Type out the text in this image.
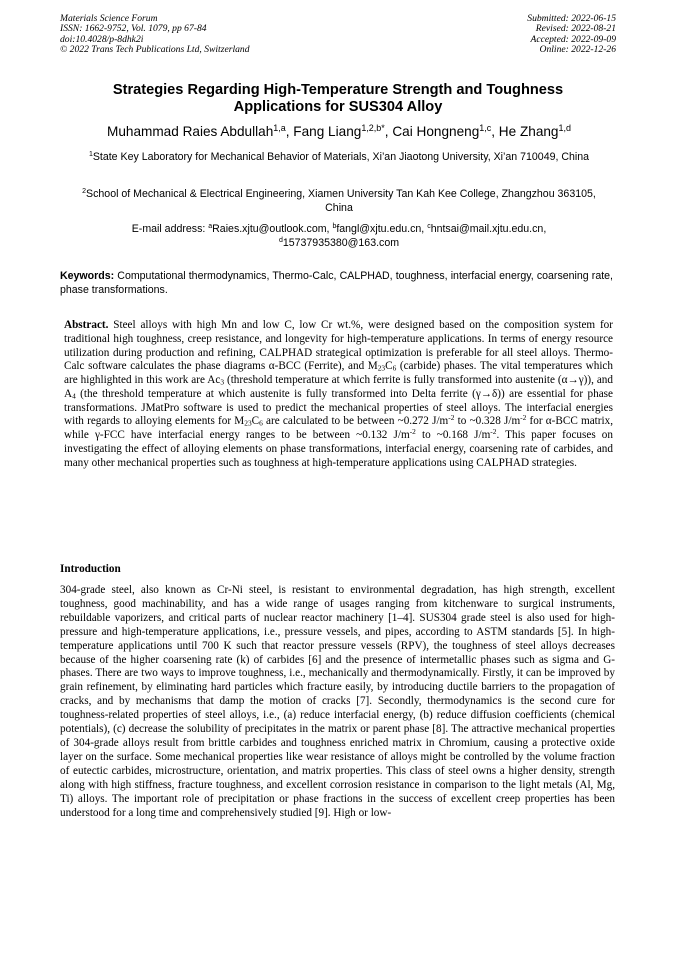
Materials Science Forum
ISSN: 1662-9752, Vol. 1079, pp 67-84
doi:10.4028/p-8dhk2i
© 2022 Trans Tech Publications Ltd, Switzerland
Submitted: 2022-06-15
Revised: 2022-08-21
Accepted: 2022-09-09
Online: 2022-12-26
Strategies Regarding High-Temperature Strength and Toughness
Applications for SUS304 Alloy
Muhammad Raies Abdullah$^{1,a}$, Fang Liang$^{1,2,b*}$, Cai Hongneng$^{1,c}$, He Zhang$^{1,d}$
$^1$State Key Laboratory for Mechanical Behavior of Materials, Xi’an Jiaotong University, Xi’an 710049, China
$^2$School of Mechanical & Electrical Engineering, Xiamen University Tan Kah Kee College, Zhangzhou 363105, China
E-mail address: $^a$Raies.xjtu@outlook.com, $^b$fangl@xjtu.edu.cn, $^c$hntsai@mail.xjtu.edu.cn,
$^d$15737935380@163.com
Keywords: Computational thermodynamics, Thermo-Calc, CALPHAD, toughness, interfacial energy, coarsening rate, phase transformations.
Abstract. Steel alloys with high Mn and low C, low Cr wt.%, were designed based on the composition system for traditional high toughness, creep resistance, and longevity for high-temperature applications. In terms of energy resource utilization during production and refining, CALPHAD strategical optimization is preferable for all steel alloys. Thermo-Calc software calculates the phase diagrams α-BCC (Ferrite), and $M_{23}C_6$ (carbide) phases. The vital temperatures which are highlighted in this work are $Ac_3$ (threshold temperature at which ferrite is fully transformed into austenite (α→γ)), and $A_4$ (the threshold temperature at which austenite is fully transformed into Delta ferrite (γ→δ)) are essential for phase transformations. JMatPro software is used to predict the mechanical properties of steel alloys. The interfacial energies with regards to alloying elements for $M_{23}C_6$ are calculated to be between ~0.272 $J/m^{-2}$ to ~0.328 $J/m^{-2}$ for α-BCC matrix, while γ-FCC have interfacial energy ranges to be between ~0.132 $J/m^{-2}$ to ~0.168 $J/m^{-2}$. This paper focuses on investigating the effect of alloying elements on phase transformations, interfacial energy, coarsening rate of carbides, and many other mechanical properties such as toughness at high-temperature applications using CALPHAD strategies.
Introduction
304-grade steel, also known as Cr-Ni steel, is resistant to environmental degradation, has high strength, excellent toughness, good machinability, and has a wide range of usages ranging from kitchenware to surgical instruments, rebuildable vaporizers, and critical parts of nuclear reactor machinery [1–4]. SUS304 grade steel is also used for high-pressure and high-temperature applications, i.e., pressure vessels, and pipes, according to ASTM standards [5]. In high-temperature applications until 700 K such that reactor pressure vessels (RPV), the toughness of steel alloys decreases because of the higher coarsening rate (k) of carbides [6] and the presence of intermetallic phases such as sigma and G-phases. There are two ways to improve toughness, i.e., mechanically and thermodynamically. Firstly, it can be improved by grain refinement, by eliminating hard particles which fracture easily, by introducing ductile barriers to the propagation of cracks, and by mechanisms that damp the motion of cracks [7]. Secondly, thermodynamics is the second cure for toughness-related properties of steel alloys, i.e., (a) reduce interfacial energy, (b) reduce diffusion coefficients (chemical potentials), (c) decrease the solubility of precipitates in the matrix or parent phase [8]. The attractive mechanical properties of 304-grade alloys result from brittle carbides and toughness enriched matrix in Chromium, causing a protective oxide layer on the surface. Some mechanical properties like wear resistance of alloys might be controlled by the volume fraction of eutectic carbides, microstructure, orientation, and matrix properties. This class of steel owns a higher density, strength along with high stiffness, fracture toughness, and excellent corrosion resistance in comparison to the light metals (Al, Mg, Ti) alloys. The important role of precipitation or phase fractions in the success of excellent creep properties has been understood for a long time and comprehensively studied [9]. High or low-
